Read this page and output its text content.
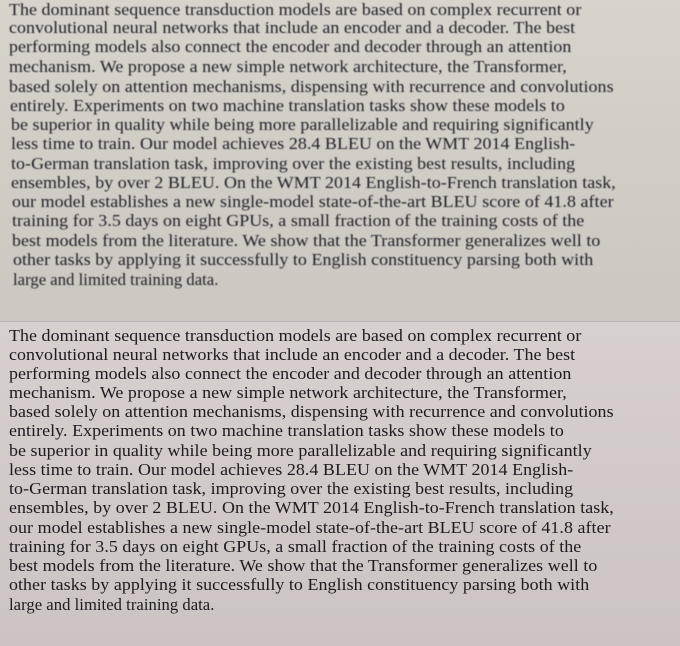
The dominant sequence transduction models are based on complex recurrent or
convolutional neural networks that include an encoder and a decoder. The best
performing models also connect the encoder and decoder through an attention
mechanism. We propose a new simple network architecture, the Transformer,
based solely on attention mechanisms, dispensing with recurrence and convolutions
entirely. Experiments on two machine translation tasks show these models to
be superior in quality while being more parallelizable and requiring significantly
less time to train. Our model achieves 28.4 BLEU on the WMT 2014 English-
to-German translation task, improving over the existing best results, including
ensembles, by over 2 BLEU. On the WMT 2014 English-to-French translation task,
our model establishes a new single-model state-of-the-art BLEU score of 41.8 after
training for 3.5 days on eight GPUs, a small fraction of the training costs of the
best models from the literature. We show that the Transformer generalizes well to
other tasks by applying it successfully to English constituency parsing both with
large and limited training data.
The dominant sequence transduction models are based on complex recurrent or
convolutional neural networks that include an encoder and a decoder. The best
performing models also connect the encoder and decoder through an attention
mechanism. We propose a new simple network architecture, the Transformer,
based solely on attention mechanisms, dispensing with recurrence and convolutions
entirely. Experiments on two machine translation tasks show these models to
be superior in quality while being more parallelizable and requiring significantly
less time to train. Our model achieves 28.4 BLEU on the WMT 2014 English-
to-German translation task, improving over the existing best results, including
ensembles, by over 2 BLEU. On the WMT 2014 English-to-French translation task,
our model establishes a new single-model state-of-the-art BLEU score of 41.8 after
training for 3.5 days on eight GPUs, a small fraction of the training costs of the
best models from the literature. We show that the Transformer generalizes well to
other tasks by applying it successfully to English constituency parsing both with
large and limited training data.
